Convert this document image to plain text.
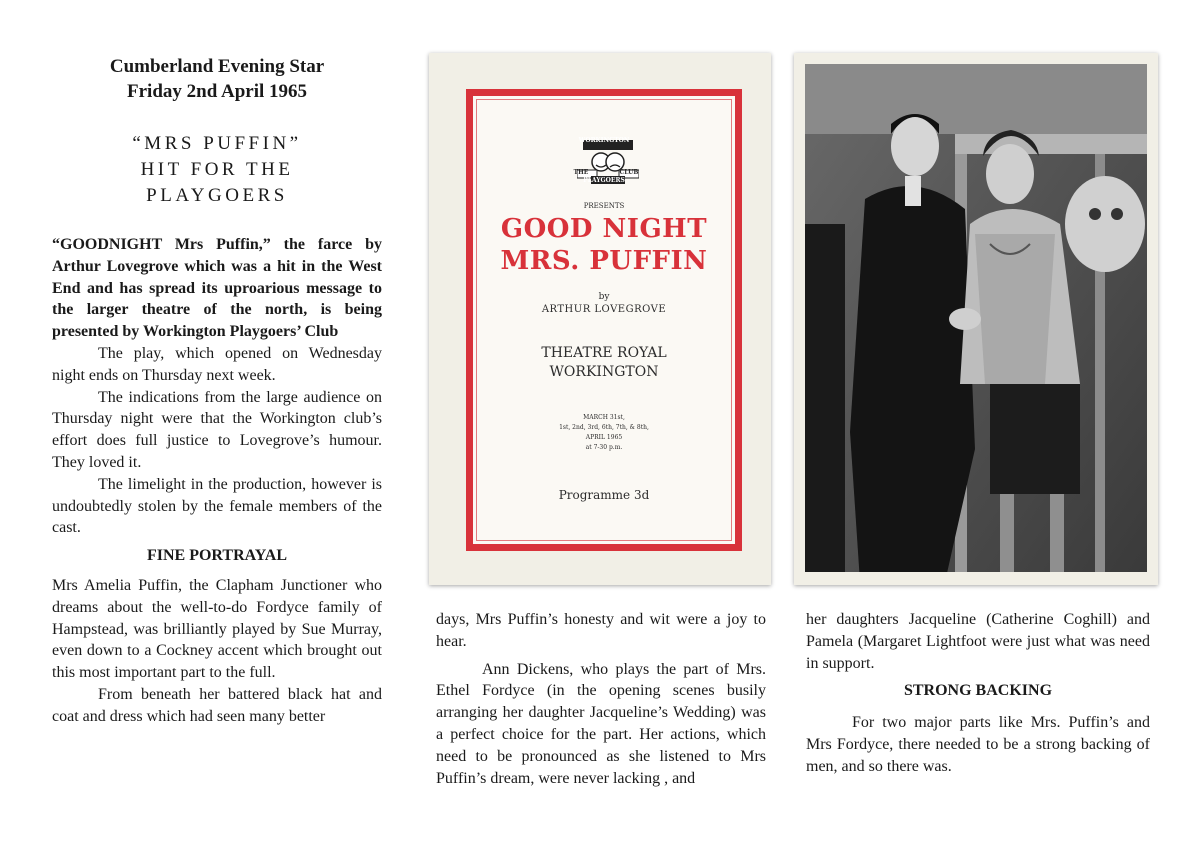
Cumberland Evening Star
Friday 2nd April 1965
“MRS PUFFIN”
HIT FOR THE
PLAYGOERS

“GOODNIGHT Mrs Puffin,” the farce by Arthur Lovegrove which was a hit in the West End and has spread its uproarious message to the larger theatre of the north, is being presented by Workington Playgoers’ Club

The play, which opened on Wednesday night ends on Thursday next week.

The indications from the large audience on Thursday night were that the Workington club’s effort does full justice to Lovegrove’s humour. They loved it.

The limelight in the production, however is undoubtedly stolen by the female members of the cast.

FINE PORTRAYAL

Mrs Amelia Puffin, the Clapham Junctioner who dreams about the well-to-do Fordyce family of Hampstead, was brilliantly played by Sue Murray, even down to a Cockney accent which brought out this most important part to the full.

From beneath her battered black hat and coat and dress which had seen many better

WORKINGTON
THE	CLUB
PLAYGOERS
PRESENTS
GOOD NIGHT
MRS. PUFFIN
by
ARTHUR LOVEGROVE
THEATRE ROYAL
WORKINGTON
MARCH 31st,
1st, 2nd, 3rd, 6th, 7th, & 8th,
APRIL 1965
at 7-30 p.m.
Programme 3d

days, Mrs Puffin’s honesty and wit were a joy to hear.

Ann Dickens, who plays the part of Mrs. Ethel Fordyce (in the opening scenes busily arranging her daughter Jacqueline’s Wedding) was a perfect choice for the part. Her actions, which need to be pronounced as she listened to Mrs Puffin’s dream, were never lacking , and

her daughters Jacqueline (Catherine Coghill) and Pamela (Margaret Lightfoot were just what was need in support.

STRONG BACKING

For two major parts like Mrs. Puffin’s and Mrs Fordyce, there needed to be a strong backing of men, and so there was.
